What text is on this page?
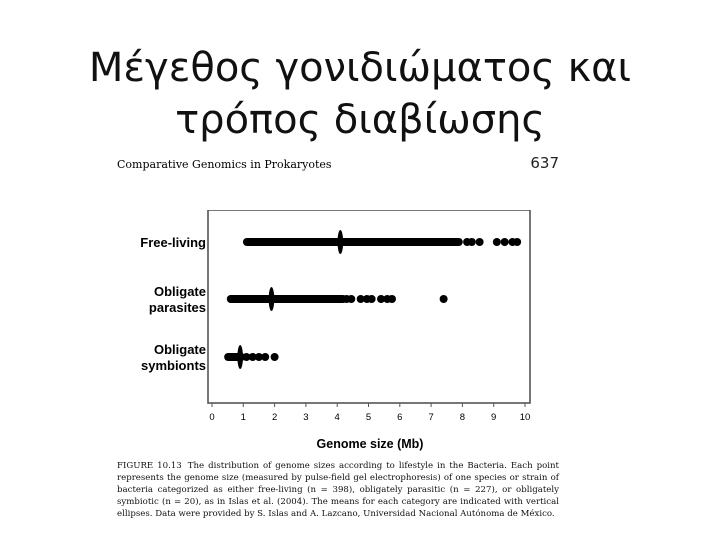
Μέγεθος γονιδιώματος και
τρόπος διαβίωσης
Comparative Genomics in Prokaryotes	637
Free-living
Obligate parasites
Obligate symbionts
0	1	2	3	4	5	6	7	8	9 10
Genome size (Mb)
FIGURE 10.13 The distribution of genome sizes according to lifestyle in the Bacteria. Each point represents the genome size (measured by pulse-field gel electrophoresis) of one species or strain of bacteria categorized as either free-living (n = 398), obligately parasitic (n = 227), or obligately symbiotic (n = 20), as in Islas et al. (2004). The means for each category are indicated with vertical ellipses. Data were provided by S. Islas and A. Lazcano, Universidad Nacional Autónoma de México.
